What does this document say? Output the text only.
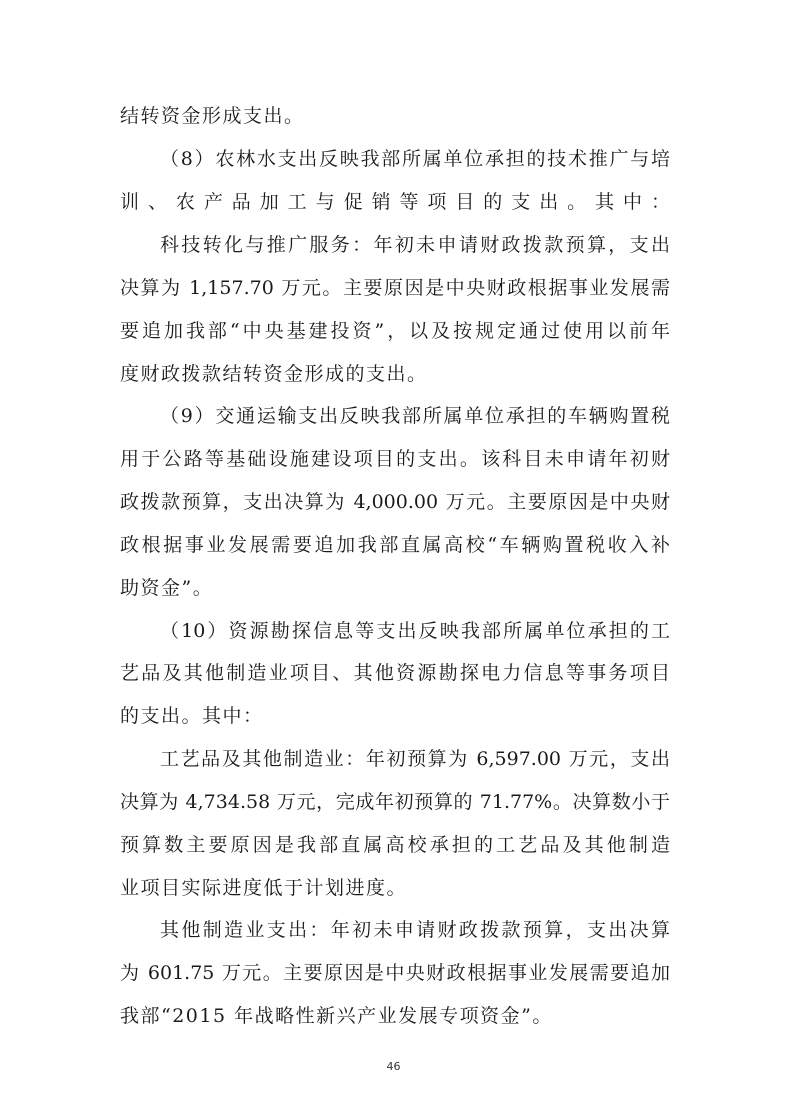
结转资金形成支出。
（8）农林水支出反映我部所属单位承担的技术推广与培
训、农产品加工与促销等项目的支出。其中：
科技转化与推广服务：年初未申请财政拨款预算，支出
决算为 1,157.70 万元。主要原因是中央财政根据事业发展需
要追加我部“中央基建投资”，以及按规定通过使用以前年
度财政拨款结转资金形成的支出。
（9）交通运输支出反映我部所属单位承担的车辆购置税
用于公路等基础设施建设项目的支出。该科目未申请年初财
政拨款预算，支出决算为 4,000.00 万元。主要原因是中央财
政根据事业发展需要追加我部直属高校“车辆购置税收入补
助资金”。
（10）资源勘探信息等支出反映我部所属单位承担的工
艺品及其他制造业项目、其他资源勘探电力信息等事务项目
的支出。其中：
工艺品及其他制造业：年初预算为 6,597.00 万元，支出
决算为 4,734.58 万元，完成年初预算的 71.77%。决算数小于
预算数主要原因是我部直属高校承担的工艺品及其他制造
业项目实际进度低于计划进度。
其他制造业支出：年初未申请财政拨款预算，支出决算
为 601.75 万元。主要原因是中央财政根据事业发展需要追加
我部“2015 年战略性新兴产业发展专项资金”。
46
